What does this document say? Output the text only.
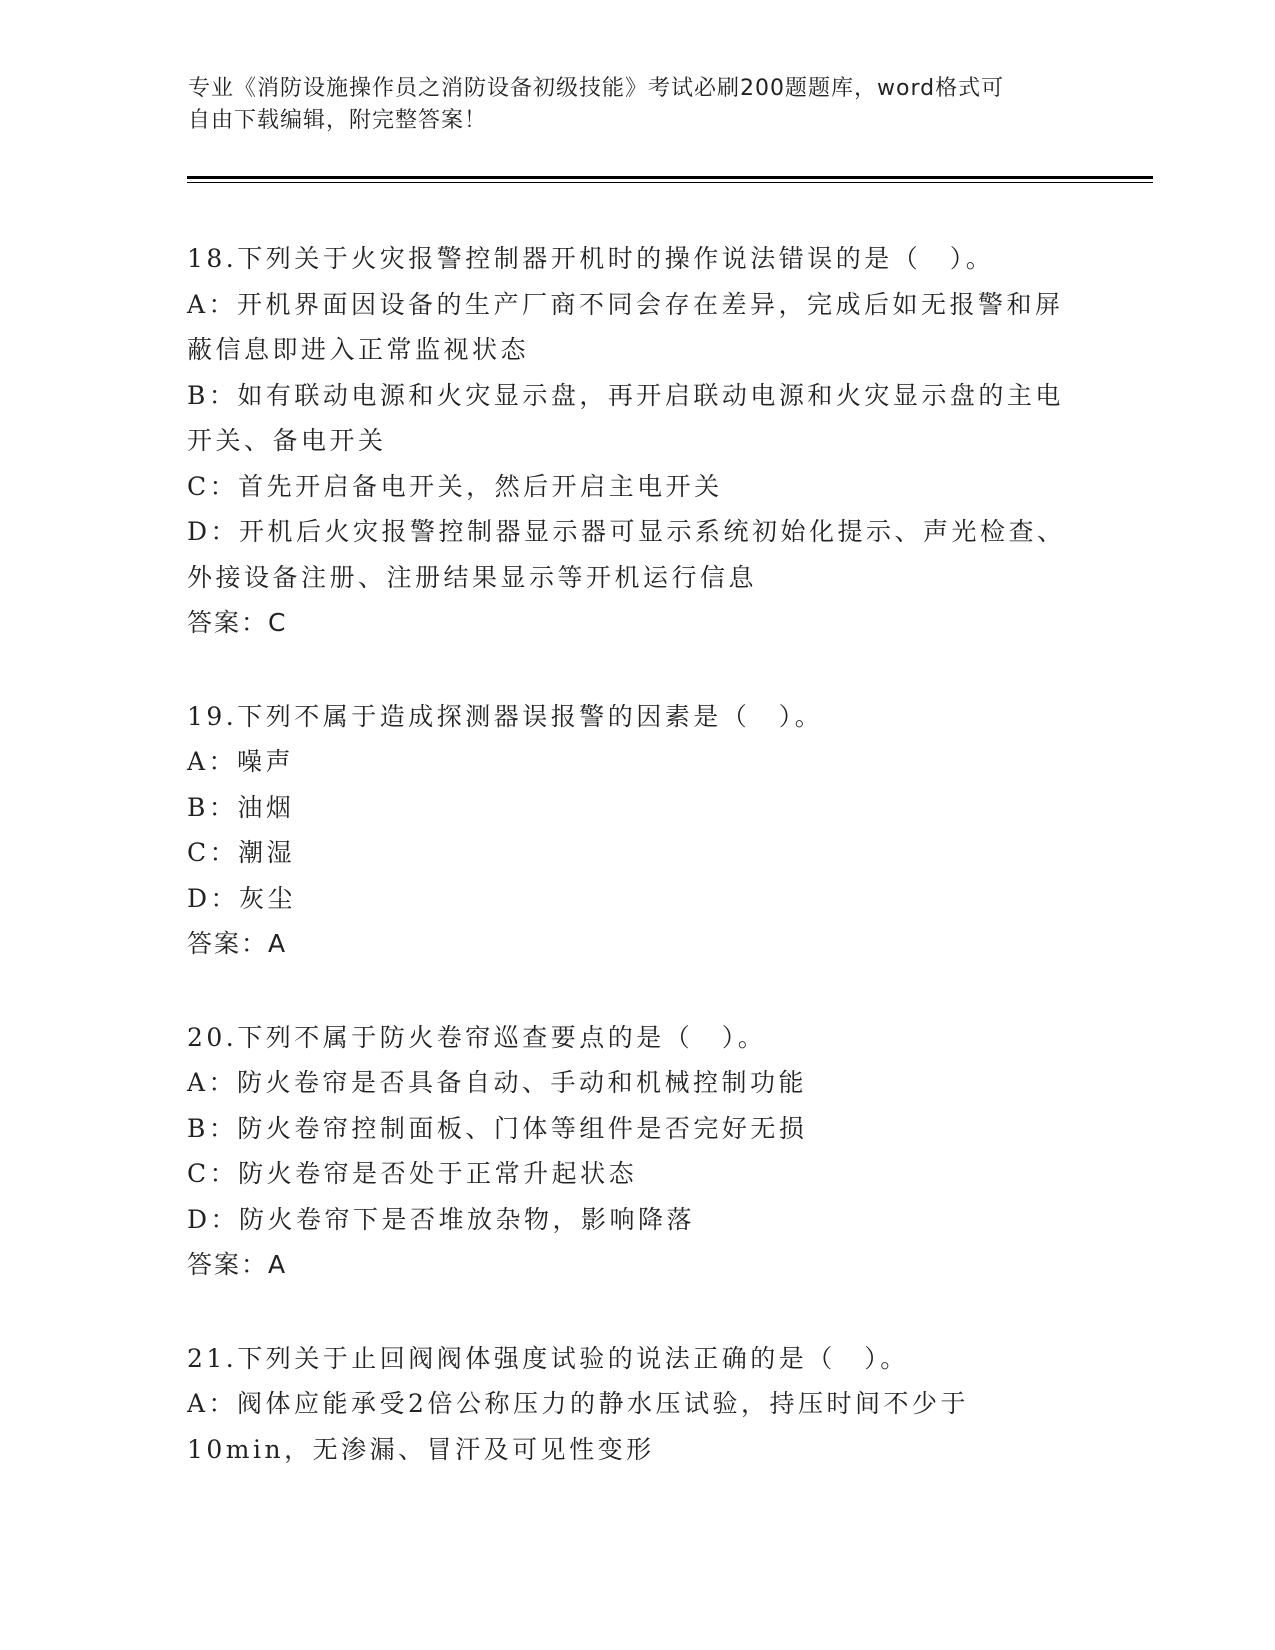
专业《消防设施操作员之消防设备初级技能》考试必刷200题题库，word格式可
自由下载编辑，附完整答案！
18.下列关于火灾报警控制器开机时的操作说法错误的是（　）。
A：开机界面因设备的生产厂商不同会存在差异，完成后如无报警和屏蔽信息即进入正常监视状态
B：如有联动电源和火灾显示盘，再开启联动电源和火灾显示盘的主电开关、备电开关
C：首先开启备电开关，然后开启主电开关
D：开机后火灾报警控制器显示器可显示系统初始化提示、声光检查、外接设备注册、注册结果显示等开机运行信息
答案：C
19.下列不属于造成探测器误报警的因素是（　）。
A：噪声
B：油烟
C：潮湿
D：灰尘
答案：A
20.下列不属于防火卷帘巡查要点的是（　）。
A：防火卷帘是否具备自动、手动和机械控制功能
B：防火卷帘控制面板、门体等组件是否完好无损
C：防火卷帘是否处于正常升起状态
D：防火卷帘下是否堆放杂物，影响降落
答案：A
21.下列关于止回阀阀体强度试验的说法正确的是（　）。
A：阀体应能承受2倍公称压力的静水压试验，持压时间不少于10min，无渗漏、冒汗及可见性变形
